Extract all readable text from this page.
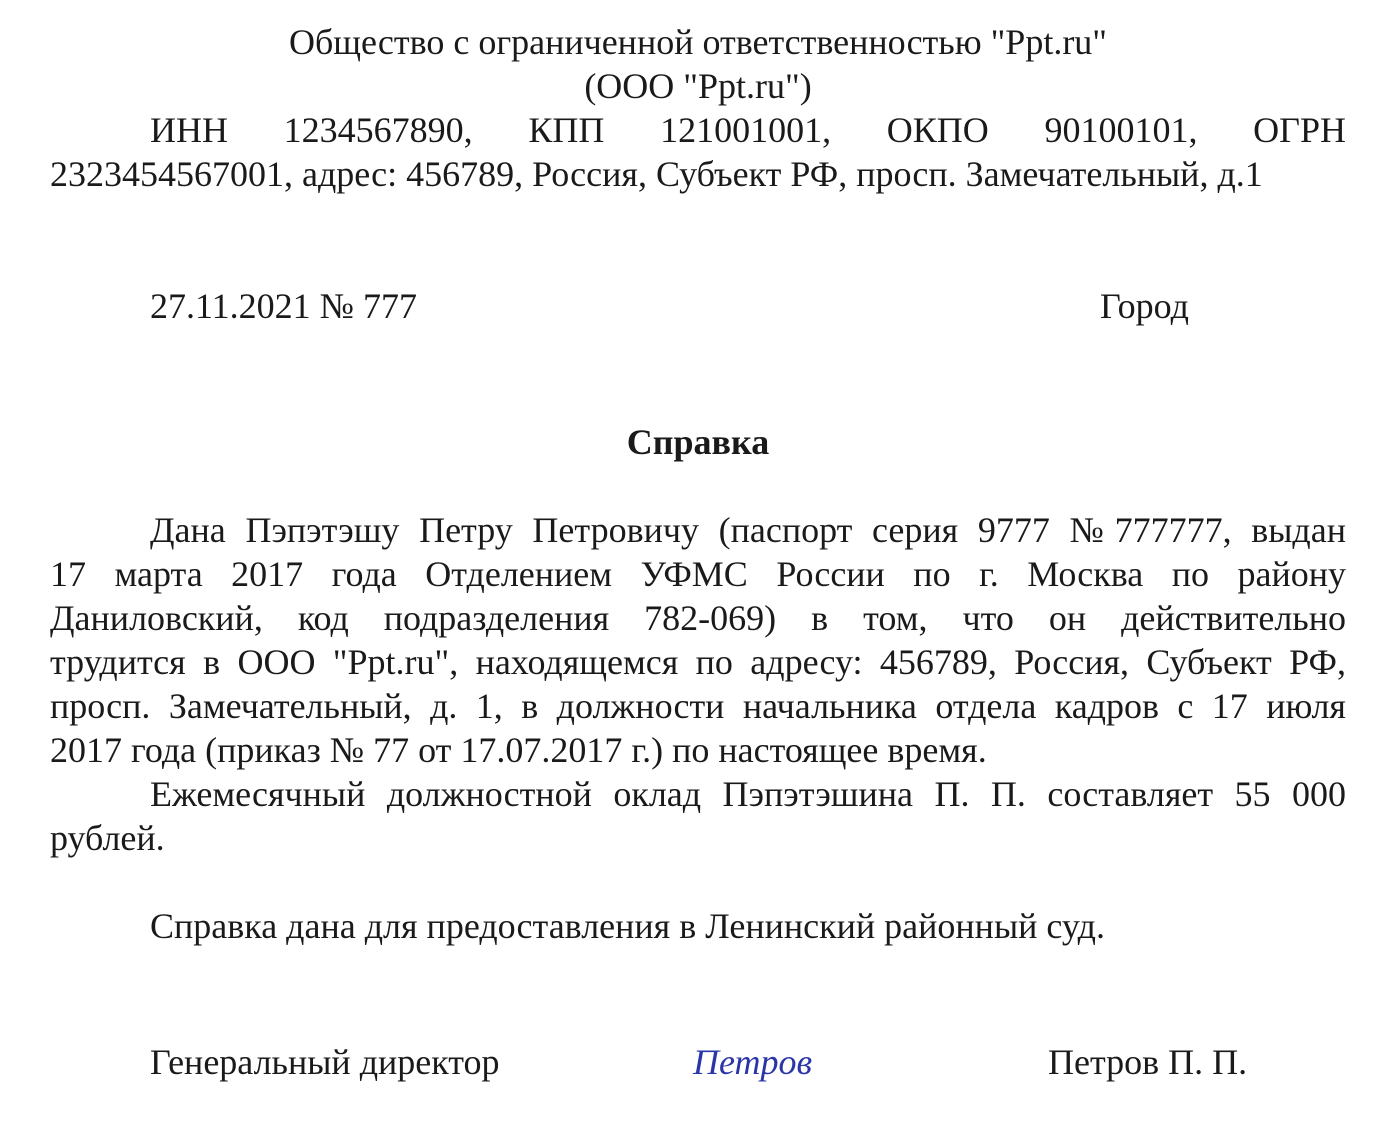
Общество с ограниченной ответственностью "Ppt.ru"
(ООО "Ppt.ru")
ИНН 1234567890, КПП 121001001, ОКПО 90100101, ОГРН
2323454567001, адрес: 456789, Россия, Субъект РФ, просп. Замечательный, д.1
27.11.2021 № 777	Город
Справка
Дана Пэпэтэшу Петру Петровичу (паспорт серия 9777 №777777, выдан
17 марта 2017 года Отделением УФМС России по г. Москва по району
Даниловский, код подразделения 782-069) в том, что он действительно
трудится в ООО "Ppt.ru", находящемся по адресу: 456789, Россия, Субъект РФ,
просп. Замечательный, д. 1, в должности начальника отдела кадров с 17 июля
2017 года (приказ № 77 от 17.07.2017 г.) по настоящее время.
Ежемесячный должностной оклад Пэпэтэшина П. П. составляет 55 000
рублей.
Справка дана для предоставления в Ленинский районный суд.
Генеральный директор	Петров	Петров П. П.
